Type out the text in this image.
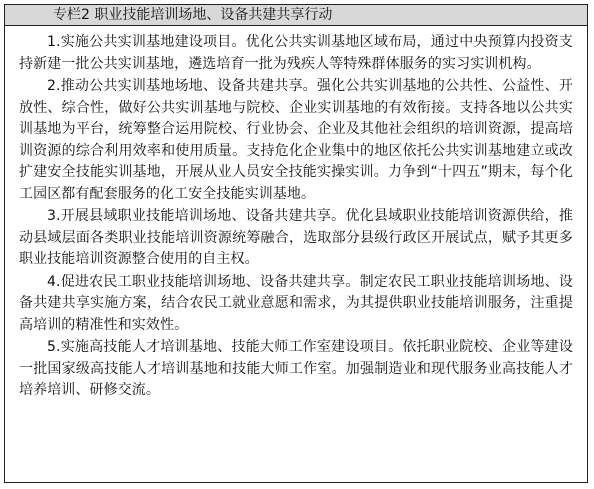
专栏2 职业技能培训场地、设备共建共享行动

1.实施公共实训基地建设项目。优化公共实训基地区域布局，通过中央预算内投资支持新建一批公共实训基地，遴选培育一批为残疾人等特殊群体服务的实习实训机构。

2.推动公共实训基地场地、设备共建共享。强化公共实训基地的公共性、公益性、开放性、综合性，做好公共实训基地与院校、企业实训基地的有效衔接。支持各地以公共实训基地为平台，统筹整合运用院校、行业协会、企业及其他社会组织的培训资源，提高培训资源的综合利用效率和使用质量。支持危化企业集中的地区依托公共实训基地建立或改扩建安全技能实训基地，开展从业人员安全技能实操实训。力争到“十四五”期末，每个化工园区都有配套服务的化工安全技能实训基地。

3.开展县域职业技能培训场地、设备共建共享。优化县域职业技能培训资源供给，推动县域层面各类职业技能培训资源统筹融合，选取部分县级行政区开展试点，赋予其更多职业技能培训资源整合使用的自主权。

4.促进农民工职业技能培训场地、设备共建共享。制定农民工职业技能培训场地、设备共建共享实施方案，结合农民工就业意愿和需求，为其提供职业技能培训服务，注重提高培训的精准性和实效性。

5.实施高技能人才培训基地、技能大师工作室建设项目。依托职业院校、企业等建设一批国家级高技能人才培训基地和技能大师工作室。加强制造业和现代服务业高技能人才培养培训、研修交流。
